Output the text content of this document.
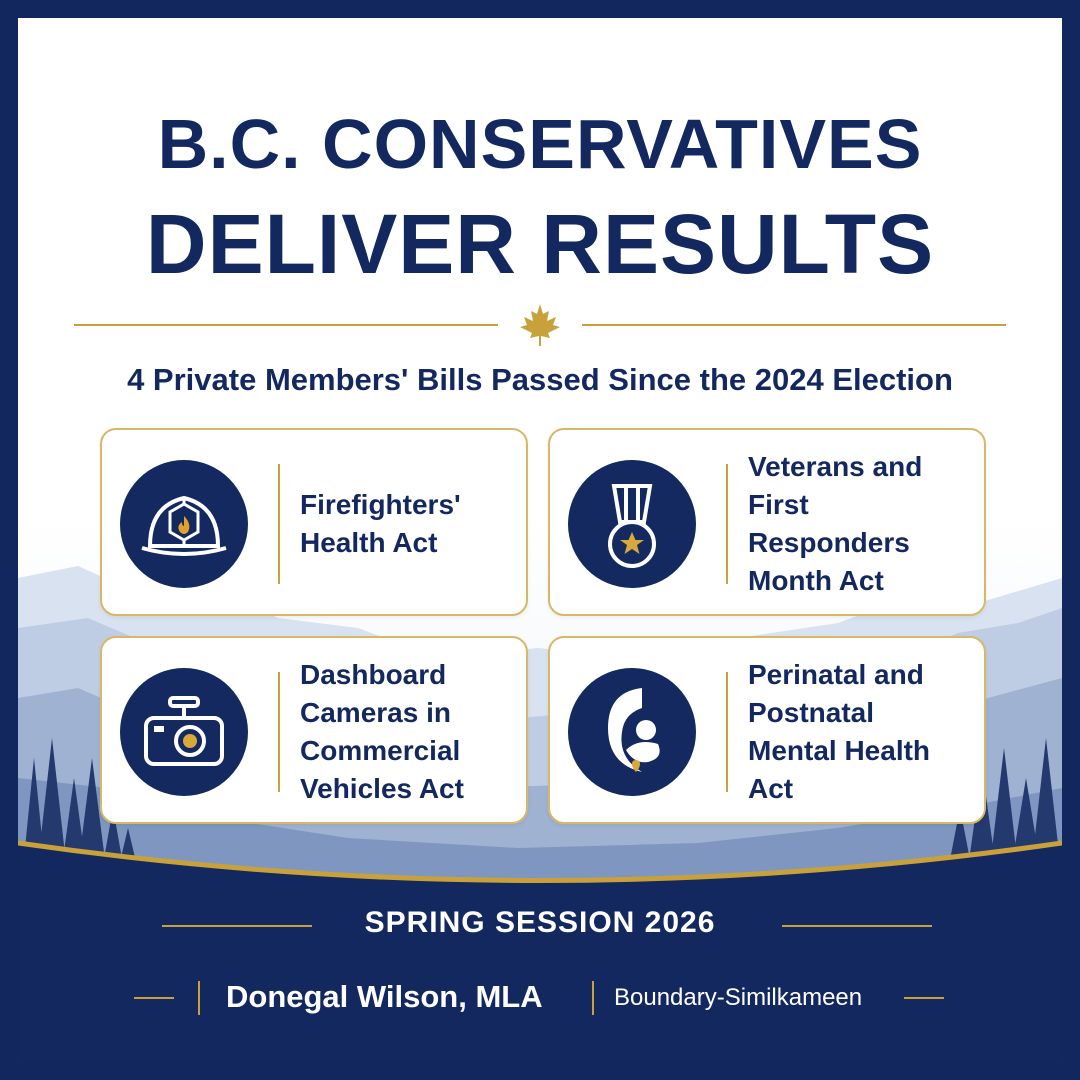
B.C. CONSERVATIVES
DELIVER RESULTS
4 Private Members' Bills Passed Since the 2024 Election
Firefighters'
Health Act
Veterans and
First Responders
Month Act
Dashboard
Cameras in
Commercial
Vehicles Act
Perinatal and
Postnatal
Mental Health Act
SPRING SESSION 2026
Donegal Wilson, MLA	Boundary-Similkameen
